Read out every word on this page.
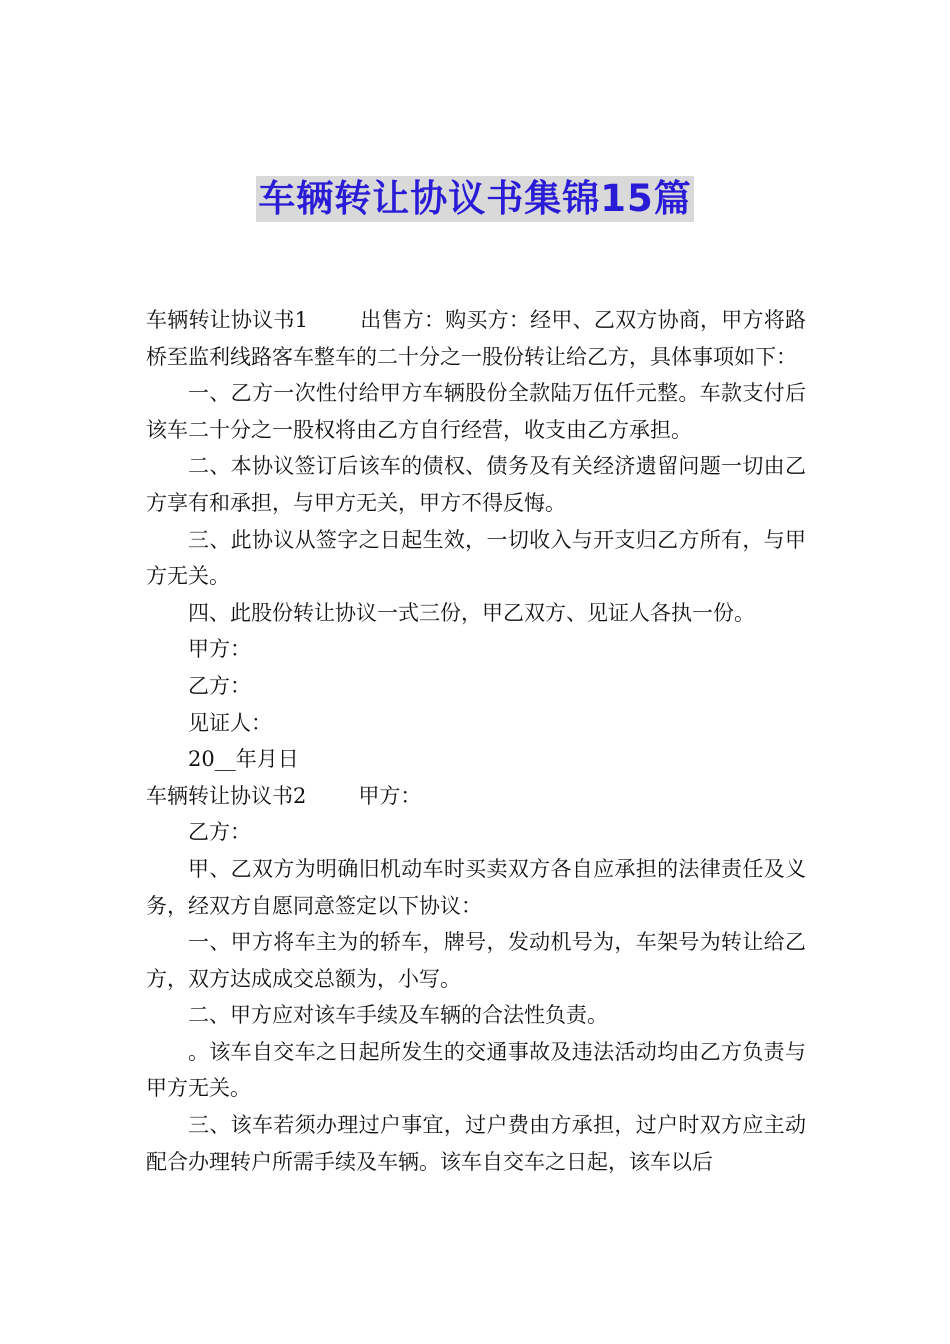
车辆转让协议书集锦15篇

车辆转让协议书1 出售方：购买方：经甲、乙双方协商，甲方将路桥至监利线路客车整车的二十分之一股份转让给乙方，具体事项如下：

一、乙方一次性付给甲方车辆股份全款陆万伍仟元整。车款支付后该车二十分之一股权将由乙方自行经营，收支由乙方承担。

二、本协议签订后该车的债权、债务及有关经济遗留问题一切由乙方享有和承担，与甲方无关，甲方不得反悔。

三、此协议从签字之日起生效，一切收入与开支归乙方所有，与甲方无关。

四、此股份转让协议一式三份，甲乙双方、见证人各执一份。

甲方：

乙方：

见证人：

20__年月日

车辆转让协议书2 甲方：

乙方：

甲、乙双方为明确旧机动车时买卖双方各自应承担的法律责任及义务，经双方自愿同意签定以下协议：

一、甲方将车主为的轿车，牌号，发动机号为，车架号为转让给乙方，双方达成成交总额为，小写。

二、甲方应对该车手续及车辆的合法性负责。

。该车自交车之日起所发生的交通事故及违法活动均由乙方负责与甲方无关。

三、该车若须办理过户事宜，过户费由方承担，过户时双方应主动配合办理转户所需手续及车辆。该车自交车之日起，该车以后
